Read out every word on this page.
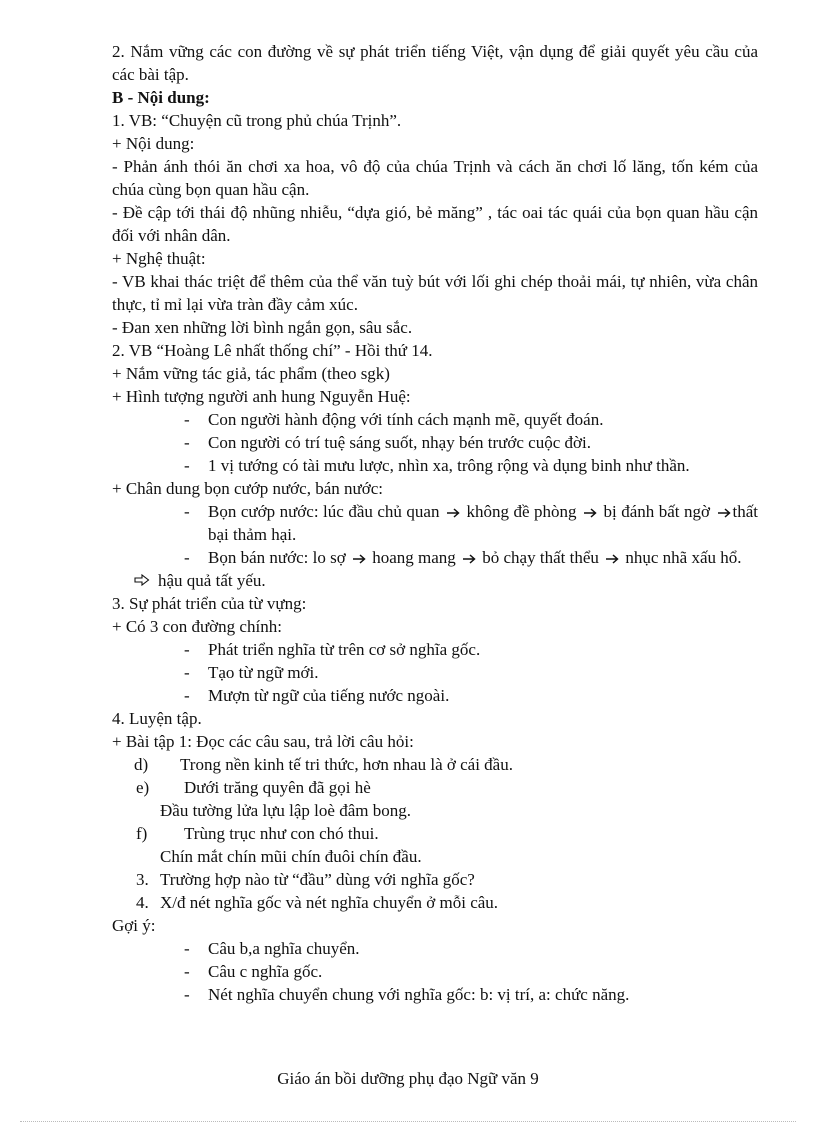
2. Nắm vững các con đường về sự phát triển tiếng Việt, vận dụng để giải quyết yêu cầu của các bài tập.
B - Nội dung:
1. VB: “Chuyện cũ trong phủ chúa Trịnh”.
+ Nội dung:
- Phản ánh thói ăn chơi xa hoa, vô độ của chúa Trịnh và cách ăn chơi lố lăng, tốn kém của chúa cùng bọn quan hầu cận.
- Đề cập tới thái độ nhũng nhiễu, “dựa gió, bẻ măng” , tác oai tác quái của bọn quan hầu cận đối với nhân dân.
+ Nghệ thuật:
- VB khai thác triệt để thêm của thể văn tuỳ bút với lối ghi chép thoải mái, tự nhiên, vừa chân thực, tỉ mỉ lại vừa tràn đầy cảm xúc.
- Đan xen những lời bình ngắn gọn, sâu sắc.
2. VB “Hoàng Lê nhất thống chí” - Hồi thứ 14.
+ Nắm vững tác giả, tác phẩm (theo sgk)
+ Hình tượng người anh hung Nguyễn Huệ:
-	Con người hành động với tính cách mạnh mẽ, quyết đoán.
-	Con người có trí tuệ sáng suốt, nhạy bén trước cuộc đời.
-	1 vị tướng có tài mưu lược, nhìn xa, trông rộng và dụng binh như thần.
+ Chân dung bọn cướp nước, bán nước:
-	Bọn cướp nước: lúc đầu chủ quan không đề phòng bị đánh bất ngờ thất bại thảm hại.
-	Bọn bán nước: lo sợ hoang mang bỏ chạy thất thểu nhục nhã xấu hổ.
hậu quả tất yếu.
3. Sự phát triển của từ vựng:
+ Có 3 con đường chính:
-	Phát triển nghĩa từ trên cơ sở nghĩa gốc.
-	Tạo từ ngữ mới.
-	Mượn từ ngữ của tiếng nước ngoài.
4. Luyện tập.
+ Bài tập 1: Đọc các câu sau, trả lời câu hỏi:
d)	Trong nền kinh tế tri thức, hơn nhau là ở cái đầu.
e)	Dưới trăng quyên đã gọi hè
Đầu tường lửa lựu lập loè đâm bong.
f)	Trùng trục như con chó thui.
Chín mắt chín mũi chín đuôi chín đầu.
3. Trường hợp nào từ “đầu” dùng với nghĩa gốc?
4. X/đ nét nghĩa gốc và nét nghĩa chuyển ở mỗi câu.
Gợi ý:
-	Câu b,a nghĩa chuyển.
-	Câu c nghĩa gốc.
-	Nét nghĩa chuyển chung với nghĩa gốc: b: vị trí, a: chức năng.
Giáo án bồi dưỡng phụ đạo Ngữ văn 9
